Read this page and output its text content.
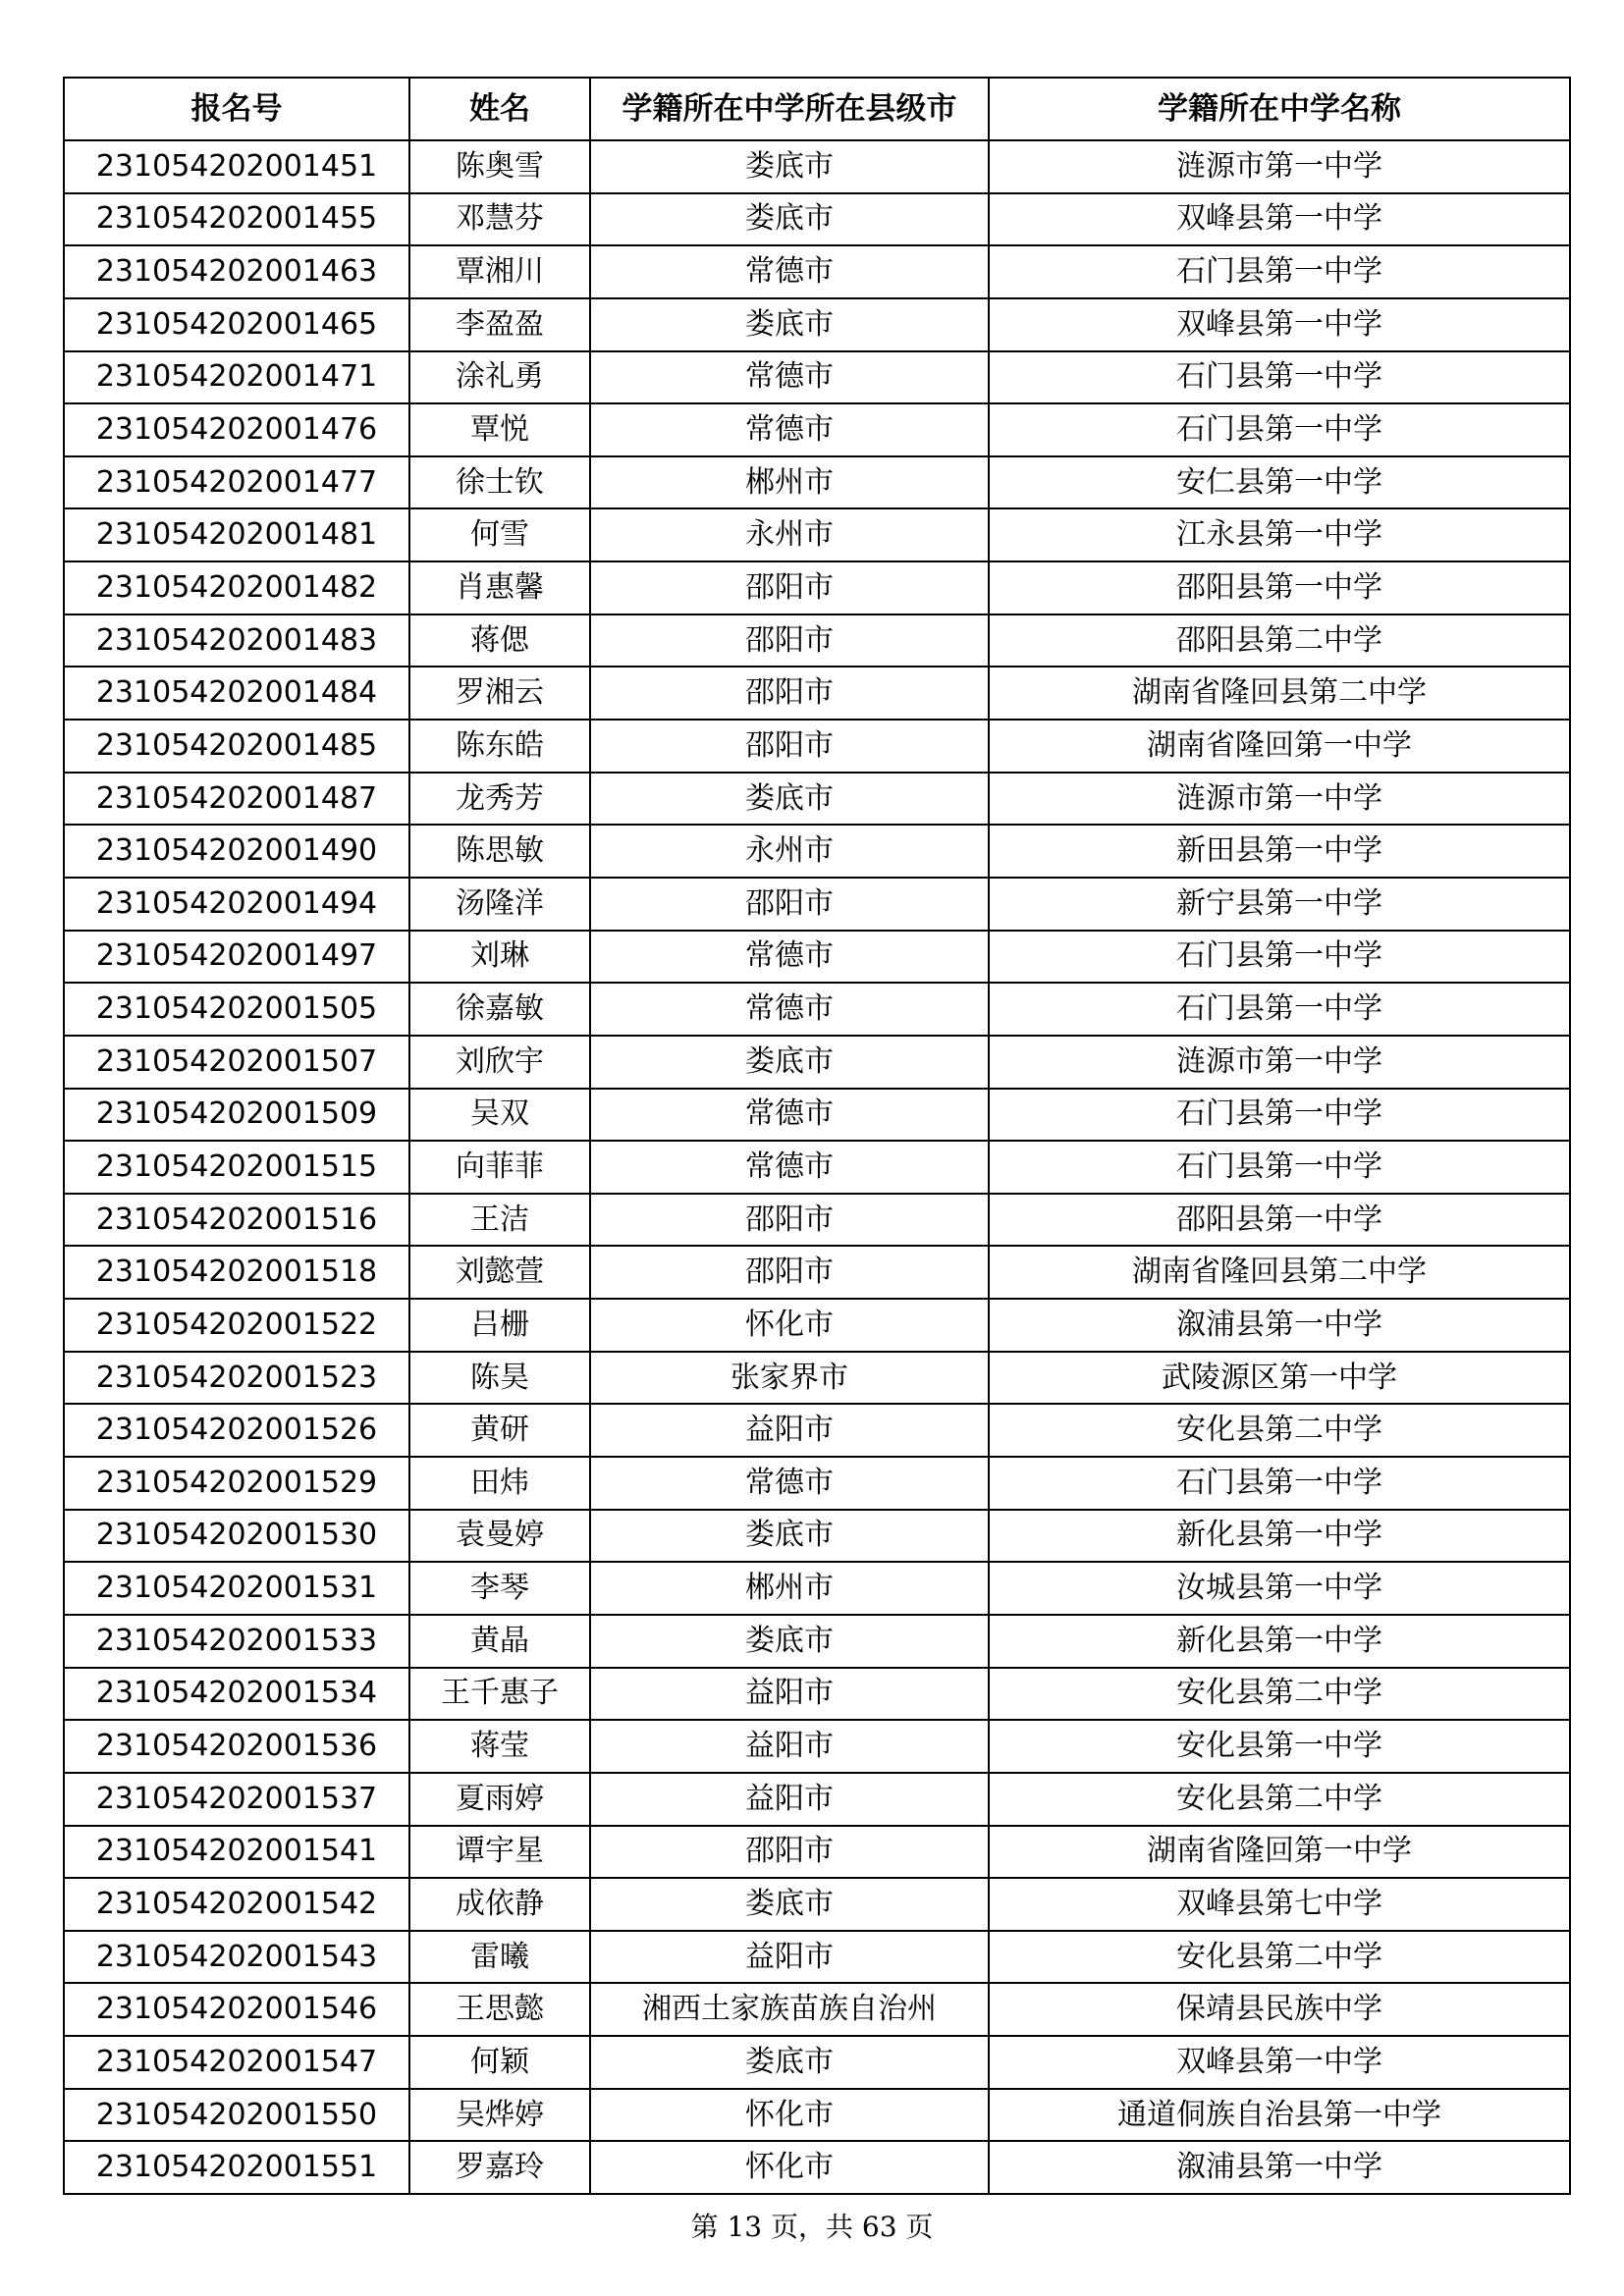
报名号	姓名	学籍所在中学所在县级市	学籍所在中学名称
231054202001451	陈奥雪	娄底市	涟源市第一中学
231054202001455	邓慧芬	娄底市	双峰县第一中学
231054202001463	覃湘川	常德市	石门县第一中学
231054202001465	李盈盈	娄底市	双峰县第一中学
231054202001471	涂礼勇	常德市	石门县第一中学
231054202001476	覃悦	常德市	石门县第一中学
231054202001477	徐士钦	郴州市	安仁县第一中学
231054202001481	何雪	永州市	江永县第一中学
231054202001482	肖惠馨	邵阳市	邵阳县第一中学
231054202001483	蒋偲	邵阳市	邵阳县第二中学
231054202001484	罗湘云	邵阳市	湖南省隆回县第二中学
231054202001485	陈东皓	邵阳市	湖南省隆回第一中学
231054202001487	龙秀芳	娄底市	涟源市第一中学
231054202001490	陈思敏	永州市	新田县第一中学
231054202001494	汤隆洋	邵阳市	新宁县第一中学
231054202001497	刘琳	常德市	石门县第一中学
231054202001505	徐嘉敏	常德市	石门县第一中学
231054202001507	刘欣宇	娄底市	涟源市第一中学
231054202001509	吴双	常德市	石门县第一中学
231054202001515	向菲菲	常德市	石门县第一中学
231054202001516	王洁	邵阳市	邵阳县第一中学
231054202001518	刘懿萱	邵阳市	湖南省隆回县第二中学
231054202001522	吕栅	怀化市	溆浦县第一中学
231054202001523	陈昊	张家界市	武陵源区第一中学
231054202001526	黄研	益阳市	安化县第二中学
231054202001529	田炜	常德市	石门县第一中学
231054202001530	袁曼婷	娄底市	新化县第一中学
231054202001531	李琴	郴州市	汝城县第一中学
231054202001533	黄晶	娄底市	新化县第一中学
231054202001534	王千惠子	益阳市	安化县第二中学
231054202001536	蒋莹	益阳市	安化县第一中学
231054202001537	夏雨婷	益阳市	安化县第二中学
231054202001541	谭宇星	邵阳市	湖南省隆回第一中学
231054202001542	成依静	娄底市	双峰县第七中学
231054202001543	雷曦	益阳市	安化县第二中学
231054202001546	王思懿	湘西土家族苗族自治州	保靖县民族中学
231054202001547	何颖	娄底市	双峰县第一中学
231054202001550	吴烨婷	怀化市	通道侗族自治县第一中学
231054202001551	罗嘉玲	怀化市	溆浦县第一中学
第 13 页，共 63 页
